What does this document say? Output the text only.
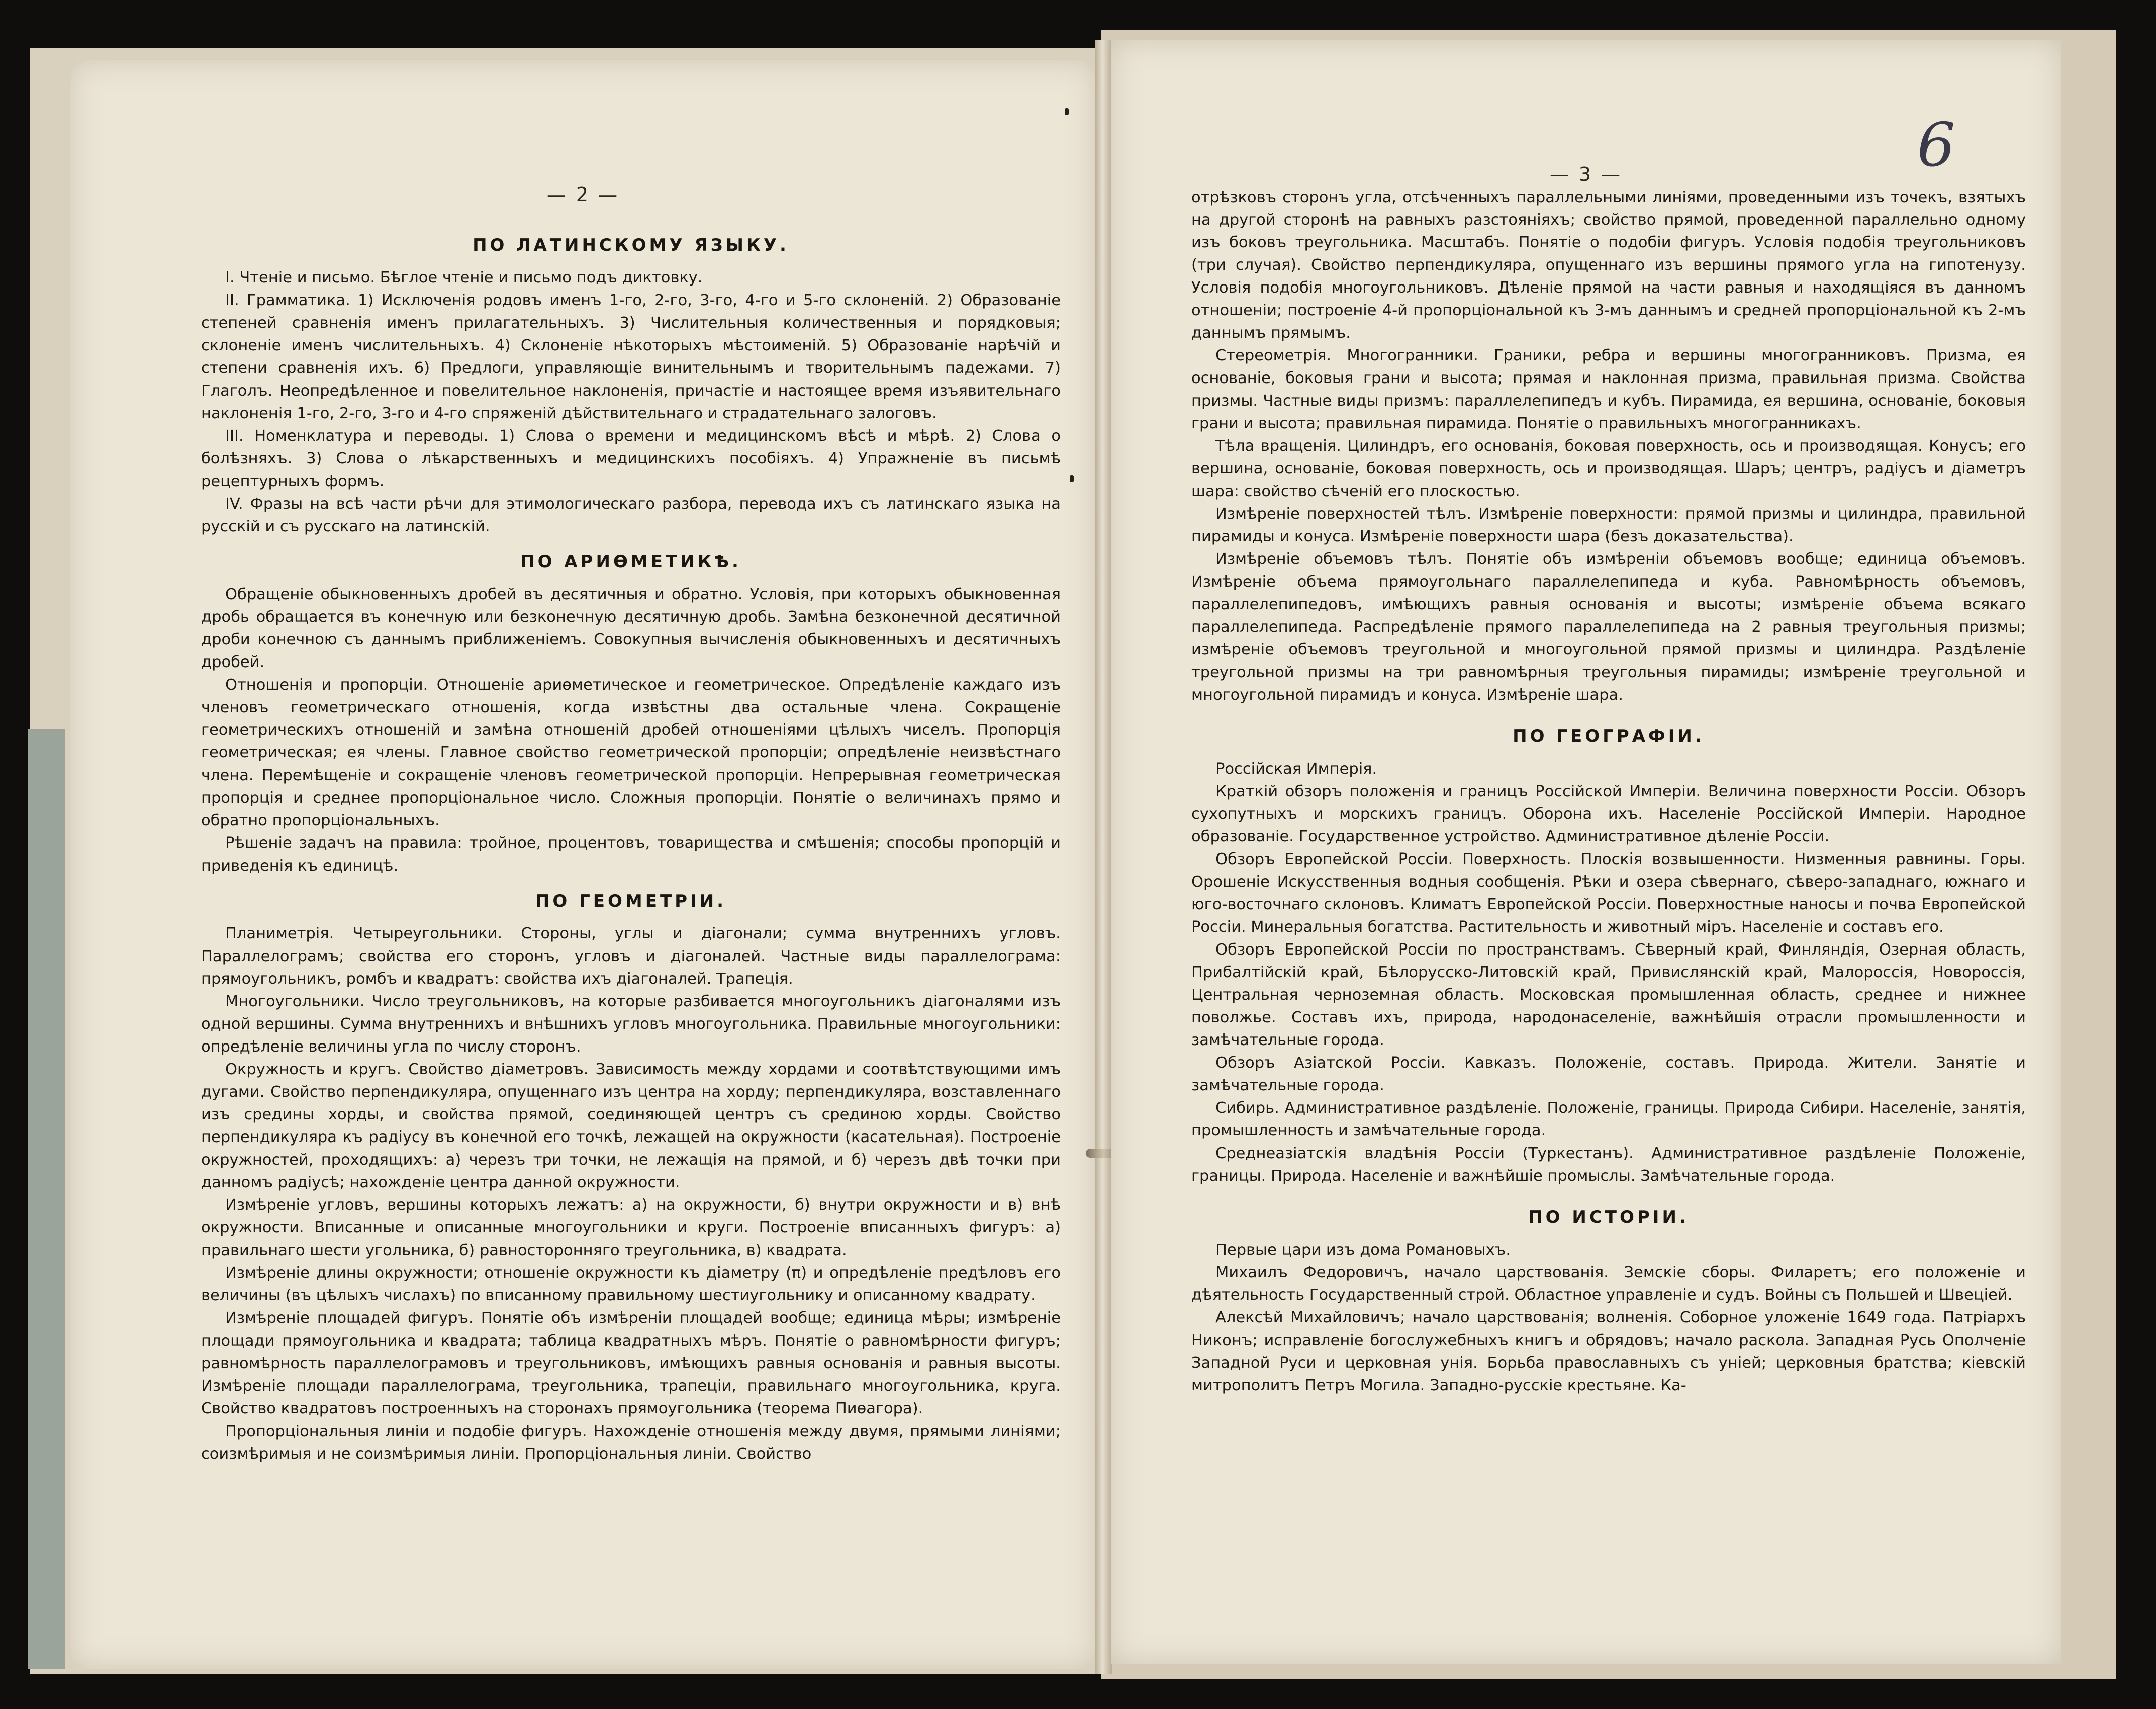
— 2 —
ПО ЛАТИНСКОМУ ЯЗЫКУ.

I. Чтеніе и письмо. Бѣглое чтеніе и письмо подъ диктовку.

II. Грамматика. 1) Исключенія родовъ именъ 1-го, 2-го, 3-го, 4-го и 5-го склоненій. 2) Образованіе степеней сравненія именъ прилагательныхъ. 3) Числительныя количественныя и порядковыя; склоненіе именъ числительныхъ. 4) Склоненіе нѣкоторыхъ мѣстоименій. 5) Образованіе нарѣчій и степени сравненія ихъ. 6) Предлоги, управляющіе винительнымъ и творительнымъ падежами. 7) Глаголъ. Неопредѣленное и повелительное наклоненія, причастіе и настоящее время изъявительнаго наклоненія 1-го, 2-го, 3-го и 4-го спряженій дѣйствительнаго и страдательнаго залоговъ.

III. Номенклатура и переводы. 1) Слова о времени и медицинскомъ вѣсѣ и мѣрѣ. 2) Слова о болѣзняхъ. 3) Слова о лѣкарственныхъ и медицинскихъ пособіяхъ. 4) Упражненіе въ письмѣ рецептурныхъ формъ.

IV. Фразы на всѣ части рѣчи для этимологическаго разбора, перевода ихъ съ латинскаго языка на русскій и съ русскаго на латинскій.

ПО АРИѲМЕТИКѢ.

Обращеніе обыкновенныхъ дробей въ десятичныя и обратно. Условія, при которыхъ обыкновенная дробь обращается въ конечную или безконечную десятичную дробь. Замѣна безконечной десятичной дроби конечною съ даннымъ приближеніемъ. Совокупныя вычисленія обыкновенныхъ и десятичныхъ дробей.

Отношенія и пропорціи. Отношеніе ариѳметическое и геометрическое. Опредѣленіе каждаго изъ членовъ геометрическаго отношенія, когда извѣстны два остальные члена. Сокращеніе геометрическихъ отношеній и замѣна отношеній дробей отношеніями цѣлыхъ чиселъ. Пропорція геометрическая; ея члены. Главное свойство геометрической пропорціи; опредѣленіе неизвѣстнаго члена. Перемѣщеніе и сокращеніе членовъ геометрической пропорціи. Непрерывная геометрическая пропорція и среднее пропорціональное число. Сложныя пропорціи. Понятіе о величинахъ прямо и обратно пропорціональныхъ.

Рѣшеніе задачъ на правила: тройное, процентовъ, товарищества и смѣшенія; способы пропорцій и приведенія къ единицѣ.

ПО ГЕОМЕТРІИ.

Планиметрія. Четыреугольники. Стороны, углы и діагонали; сумма внутреннихъ угловъ. Параллелограмъ; свойства его сторонъ, угловъ и діагоналей. Частные виды параллелограма: прямоугольникъ, ромбъ и квадратъ: свойства ихъ діагоналей. Трапеція.

Многоугольники. Число треугольниковъ, на которые разбивается многоугольникъ діагоналями изъ одной вершины. Сумма внутреннихъ и внѣшнихъ угловъ многоугольника. Правильные многоугольники: опредѣленіе величины угла по числу сторонъ.

Окружность и кругъ. Свойство діаметровъ. Зависимость между хордами и соотвѣтствующими имъ дугами. Свойство перпендикуляра, опущеннаго изъ центра на хорду; перпендикуляра, возставленнаго изъ средины хорды, и свойства прямой, соединяющей центръ съ срединою хорды. Свойство перпендикуляра къ радіусу въ конечной его точкѣ, лежащей на окружности (касательная). Построеніе окружностей, проходящихъ: а) черезъ три точки, не лежащія на прямой, и б) черезъ двѣ точки при данномъ радіусѣ; нахожденіе центра данной окружности.

Измѣреніе угловъ, вершины которыхъ лежатъ: а) на окружности, б) внутри окружности и в) внѣ окружности. Вписанные и описанные многоугольники и круги. Построеніе вписанныхъ фигуръ: а) правильнаго шести угольника, б) равносторонняго треугольника, в) квадрата.

Измѣреніе длины окружности; отношеніе окружности къ діаметру (π) и опредѣленіе предѣловъ его величины (въ цѣлыхъ числахъ) по вписанному правильному шестиугольнику и описанному квадрату.

Измѣреніе площадей фигуръ. Понятіе объ измѣреніи площадей вообще; единица мѣры; измѣреніе площади прямоугольника и квадрата; таблица квадратныхъ мѣръ. Понятіе о равномѣрности фигуръ; равномѣрность параллелограмовъ и треугольниковъ, имѣющихъ равныя основанія и равныя высоты. Измѣреніе площади параллелограма, треугольника, трапеціи, правильнаго многоугольника, круга. Свойство квадратовъ построенныхъ на сторонахъ прямоугольника (теорема Пиѳагора).

Пропорціональныя линіи и подобіе фигуръ. Нахожденіе отношенія между двумя, прямыми линіями; соизмѣримыя и не соизмѣримыя линіи. Пропорціональныя линіи. Свойство

— 3 —	6

отрѣзковъ сторонъ угла, отсѣченныхъ параллельными линіями, проведенными изъ точекъ, взятыхъ на другой сторонѣ на равныхъ разстояніяхъ; свойство прямой, проведенной параллельно одному изъ боковъ треугольника. Масштабъ. Понятіе о подобіи фигуръ. Условія подобія треугольниковъ (три случая). Свойство перпендикуляра, опущеннаго изъ вершины прямого угла на гипотенузу. Условія подобія многоугольниковъ. Дѣленіе прямой на части равныя и находящіяся въ данномъ отношеніи; построеніе 4-й пропорціональной къ 3-мъ даннымъ и средней пропорціональной къ 2-мъ даннымъ прямымъ.

Стереометрія. Многогранники. Граники, ребра и вершины многогранниковъ. Призма, ея основаніе, боковыя грани и высота; прямая и наклонная призма, правильная призма. Свойства призмы. Частные виды призмъ: параллелепипедъ и кубъ. Пирамида, ея вершина, основаніе, боковыя грани и высота; правильная пирамида. Понятіе о правильныхъ многогранникахъ.

Тѣла вращенія. Цилиндръ, его основанія, боковая поверхность, ось и производящая. Конусъ; его вершина, основаніе, боковая поверхность, ось и производящая. Шаръ; центръ, радіусъ и діаметръ шара: свойство сѣченій его плоскостью.

Измѣреніе поверхностей тѣлъ. Измѣреніе поверхности: прямой призмы и цилиндра, правильной пирамиды и конуса. Измѣреніе поверхности шара (безъ доказательства).

Измѣреніе объемовъ тѣлъ. Понятіе объ измѣреніи объемовъ вообще; единица объемовъ. Измѣреніе объема прямоугольнаго параллелепипеда и куба. Равномѣрность объемовъ, параллелепипедовъ, имѣющихъ равныя основанія и высоты; измѣреніе объема всякаго параллелепипеда. Распредѣленіе прямого параллелепипеда на 2 равныя треугольныя призмы; измѣреніе объемовъ треугольной и многоугольной прямой призмы и цилиндра. Раздѣленіе треугольной призмы на три равномѣрныя треугольныя пирамиды; измѣреніе треугольной и многоугольной пирамидъ и конуса. Измѣреніе шара.

ПО ГЕОГРАФІИ.

Россійская Имперія.

Краткій обзоръ положенія и границъ Россійской Имперіи. Величина поверхности Россіи. Обзоръ сухопутныхъ и морскихъ границъ. Оборона ихъ. Населеніе Россійской Имперіи. Народное образованіе. Государственное устройство. Административное дѣленіе Россіи.

Обзоръ Европейской Россіи. Поверхность. Плоскія возвышенности. Низменныя равнины. Горы. Орошеніе Искусственныя водныя сообщенія. Рѣки и озера сѣвернаго, сѣверо-западнаго, южнаго и юго-восточнаго склоновъ. Климатъ Европейской Россіи. Поверхностные наносы и почва Европейской Россіи. Минеральныя богатства. Растительность и животный міръ. Населеніе и составъ его.

Обзоръ Европейской Россіи по пространствамъ. Сѣверный край, Финляндія, Озерная область, Прибалтійскій край, Бѣлорусско-Литовскій край, Привислянскій край, Малороссія, Новороссія, Центральная черноземная область. Московская промышленная область, среднее и нижнее поволжье. Составъ ихъ, природа, народонаселеніе, важнѣйшія отрасли промышленности и замѣчательные города.

Обзоръ Азіатской Россіи. Кавказъ. Положеніе, составъ. Природа. Жители. Занятіе и замѣчательные города.

Сибирь. Административное раздѣленіе. Положеніе, границы. Природа Сибири. Населеніе, занятія, промышленность и замѣчательные города.

Среднеазіатскія владѣнія Россіи (Туркестанъ). Административное раздѣленіе Положеніе, границы. Природа. Населеніе и важнѣйшіе промыслы. Замѣчательные города.

ПО ИСТОРІИ.

Первые цари изъ дома Романовыхъ.

Михаилъ Федоровичъ, начало царствованія. Земскіе сборы. Филаретъ; его положеніе и дѣятельность Государственный строй. Областное управленіе и судъ. Войны съ Польшей и Швеціей.

Алексѣй Михайловичъ; начало царствованія; волненія. Соборное уложеніе 1649 года. Патріархъ Никонъ; исправленіе богослужебныхъ книгъ и обрядовъ; начало раскола. Западная Русь Ополченіе Западной Руси и церковная унія. Борьба православныхъ съ уніей; церковныя братства; кіевскій митрополитъ Петръ Могила. Западно-русскіе крестьяне. Ка-
